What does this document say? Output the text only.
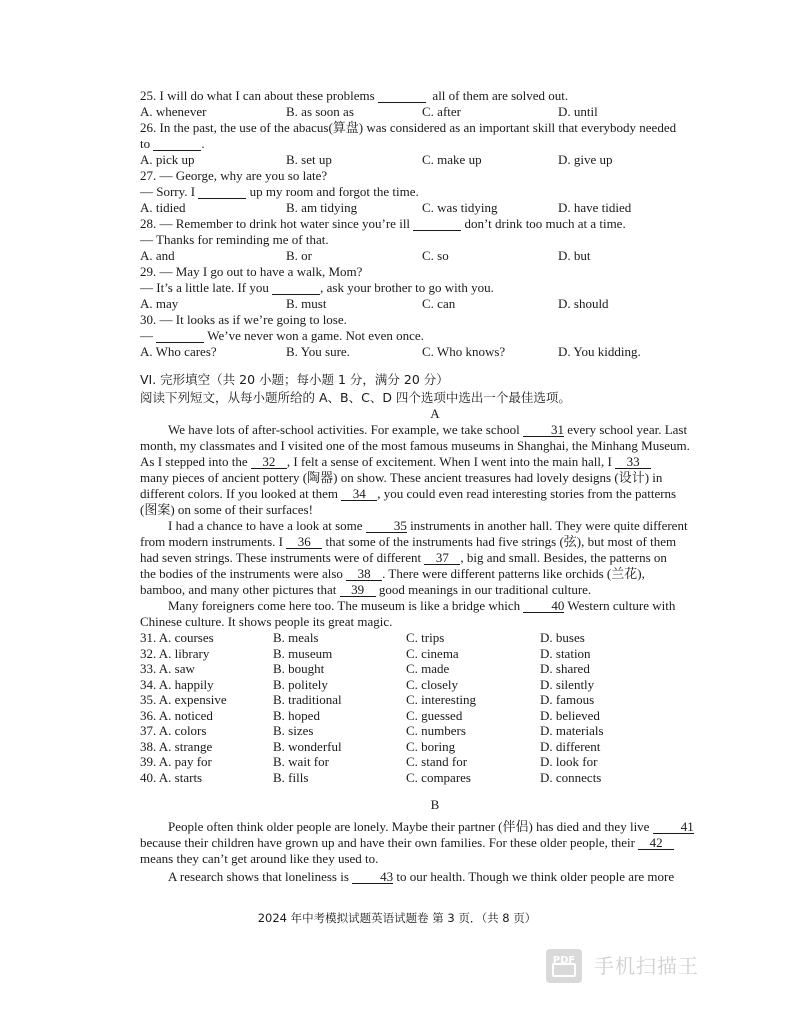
25. I will do what I can about these problems	all of them are solved out.
A. whenever	B. as soon as	C. after	D. until
26. In the past, the use of the abacus(算盘) was considered as an important skill that everybody needed
to	.
A. pick up	B. set up	C. make up	D. give up
27. — George, why are you so late?
— Sorry. I	up my room and forgot the time.
A. tidied	B. am tidying	C. was tidying	D. have tidied
28. — Remember to drink hot water since you’re ill	don’t drink too much at a time.
— Thanks for reminding me of that.
A. and	B. or	C. so	D. but
29. — May I go out to have a walk, Mom?
— It’s a little late. If you	, ask your brother to go with you.
A. may	B. must	C. can	D. should
30. — It looks as if we’re going to lose.
—	We’ve never won a game. Not even once.
A. Who cares?	B. You sure.	C. Who knows?	D. You kidding.
VI. 完形填空（共 20 小题；每小题 1 分，满分 20 分）
阅读下列短文，从每小题所给的 A、B、C、D 四个选项中选出一个最佳选项。
A
We have lots of after-school activities. For example, we take school 31 every school year. Last
month, my classmates and I visited one of the most famous museums in Shanghai, the Minhang Museum.
As I stepped into the 32 , I felt a sense of excitement. When I went into the main hall, I 33
many pieces of ancient pottery (陶器) on show. These ancient treasures had lovely designs (设计) in
different colors. If you looked at them 34 , you could even read interesting stories from the patterns
(图案) on some of their surfaces!
I had a chance to have a look at some 35 instruments in another hall. They were quite different
from modern instruments. I 36 that some of the instruments had five strings (弦), but most of them
had seven strings. These instruments were of different 37 , big and small. Besides, the patterns on
the bodies of the instruments were also 38 . There were different patterns like orchids (兰花),
bamboo, and many other pictures that 39 good meanings in our traditional culture.
Many foreigners come here too. The museum is like a bridge which 40 Western culture with
Chinese culture. It shows people its great magic.
31. A. courses	B. meals	C. trips	D. buses
32. A. library	B. museum	C. cinema	D. station
33. A. saw	B. bought	C. made	D. shared
34. A. happily	B. politely	C. closely	D. silently
35. A. expensive	B. traditional	C. interesting	D. famous
36. A. noticed	B. hoped	C. guessed	D. believed
37. A. colors	B. sizes	C. numbers	D. materials
38. A. strange	B. wonderful	C. boring	D. different
39. A. pay for	B. wait for	C. stand for	D. look for
40. A. starts	B. fills	C. compares	D. connects
B
People often think older people are lonely. Maybe their partner (伴侣) has died and they live 41
because their children have grown up and have their own families. For these older people, their 42
means they can’t get around like they used to.
A research shows that loneliness is 43 to our health. Though we think older people are more
2024 年中考模拟试题英语试题卷 第 3 页．（共 8 页）
PDF 手机扫描王
